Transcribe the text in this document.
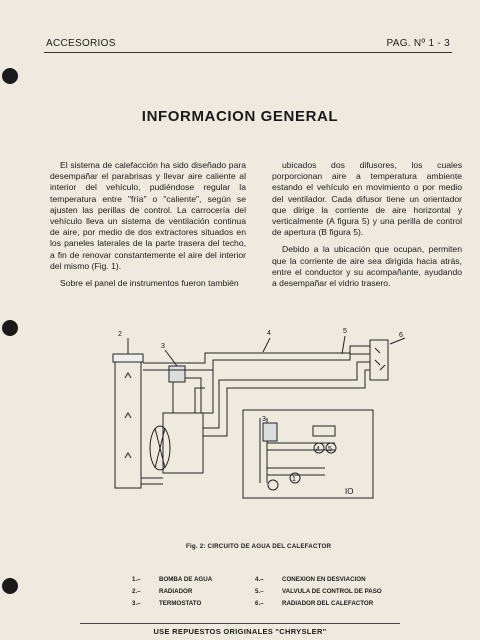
ACCESORIOS	PAG. Nº 1 - 3
INFORMACION GENERAL

El sistema de calefacción ha sido diseñado para desempañar el parabrisas y llevar aire caliente al interior del vehículo, pudiéndose regular la temperatura entre "fría" o "caliente", según se ajusten las perillas de control. La carrocería del vehículo lleva un sistema de ventilación continua de aire, por medio de dos extractores situados en los paneles laterales de la parte trasera del techo, a fin de renovar constantemente el aire del interior del mismo (Fig. 1).

Sobre el panel de instrumentos fueron también

ubicados dos difusores, los cuales porporcionan aire a temperatura ambiente estando el vehículo en movimiento o por medio del ventilador. Cada difusor tiene un orientador que dirige la corriente de aire horizontal y verticalmente (A figura 5) y una perilla de control de apertura (B figura 5).

Debido a la ubicación que ocupan, permiten que la corriente de aire sea dirigida hacia atrás, entre el conductor y su acompañante, ayudando a desempañar el vidrio trasero.

2
3
4	5
6
3
4 5
1
IO
Fig. 2: CIRCUITO DE AGUA DEL CALEFACTOR
1.–	BOMBA DE AGUA
2.–	RADIADOR
3.–	TERMOSTATO
4.–	CONEXION EN DESVIACION
5.–	VALVULA DE CONTROL DE PASO
6.–	RADIADOR DEL CALEFACTOR
USE REPUESTOS ORIGINALES "CHRYSLER"
